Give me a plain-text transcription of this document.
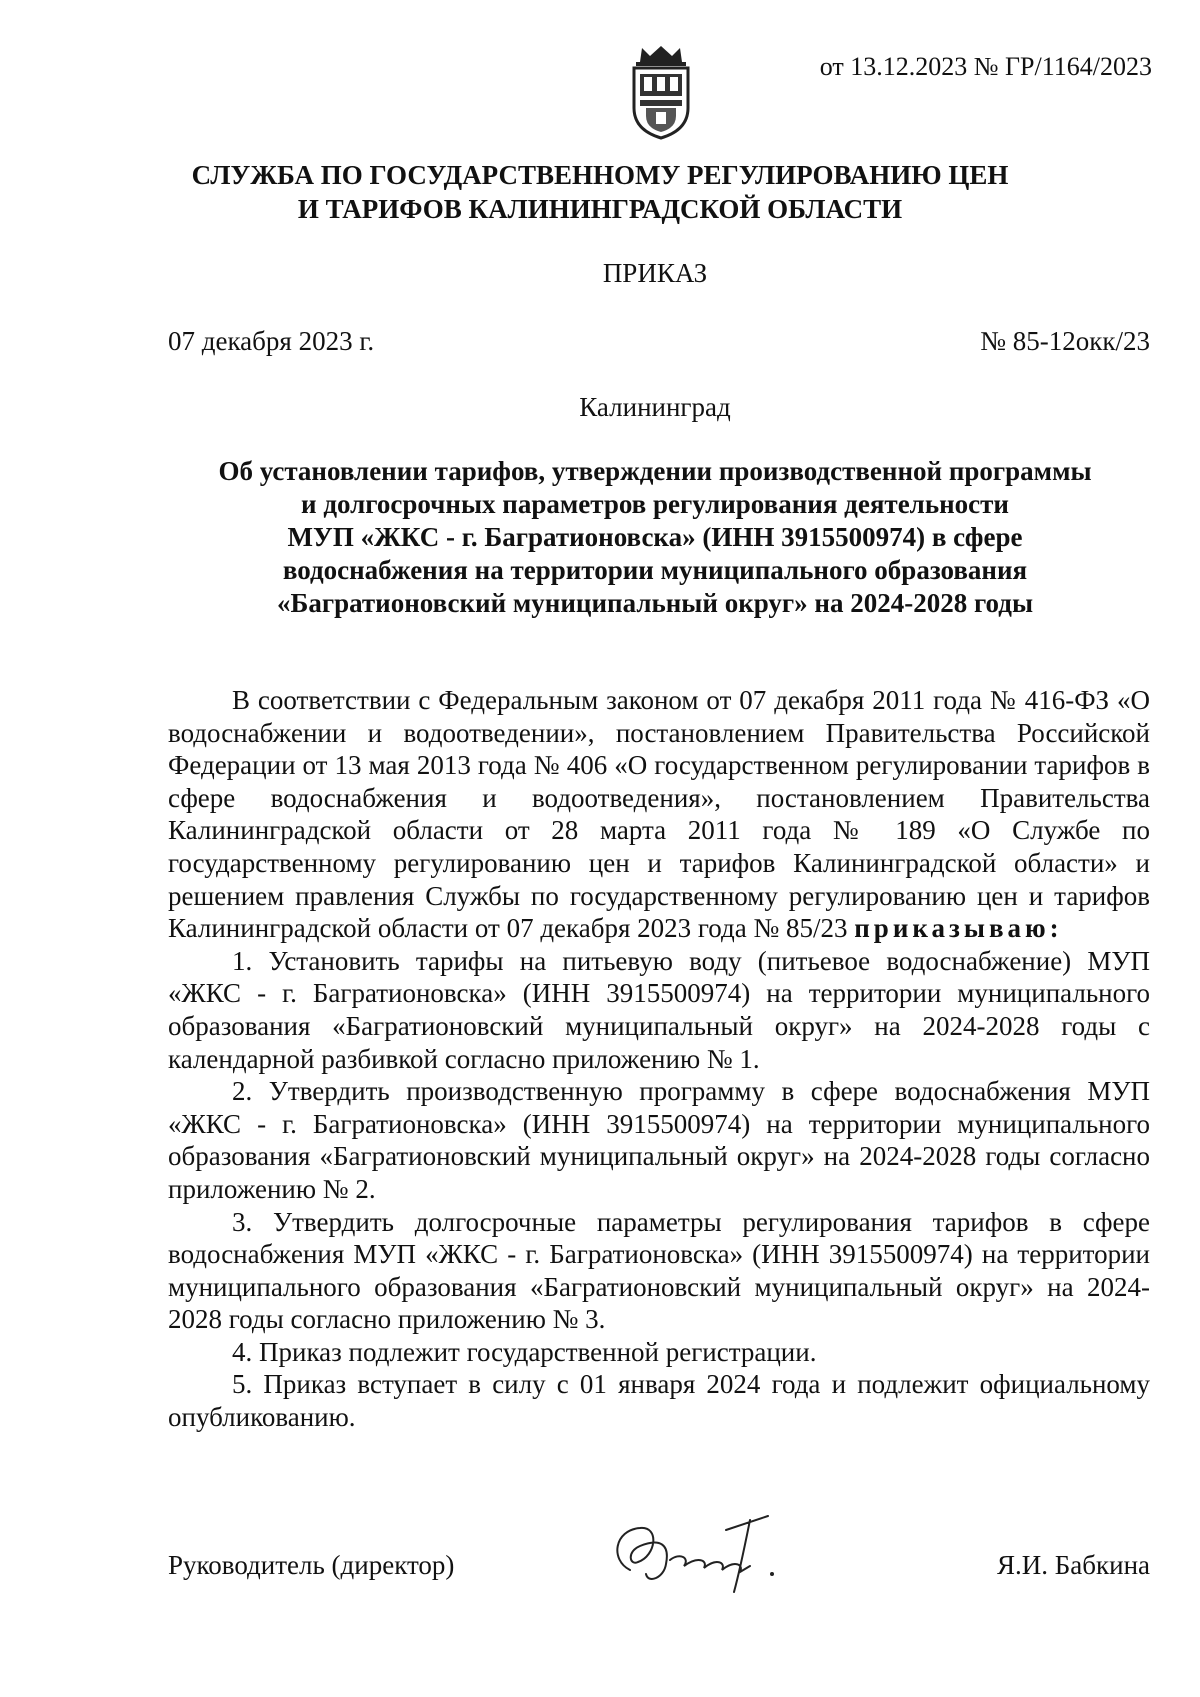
от 13.12.2023 № ГР/1164/2023
СЛУЖБА ПО ГОСУДАРСТВЕННОМУ РЕГУЛИРОВАНИЮ ЦЕН
И ТАРИФОВ КАЛИНИНГРАДСКОЙ ОБЛАСТИ
ПРИКАЗ
07 декабря 2023 г.	№ 85-12окк/23
Калининград
Об установлении тарифов, утверждении производственной программы
и долгосрочных параметров регулирования деятельности
МУП «ЖКС - г. Багратионовска» (ИНН 3915500974) в сфере
водоснабжения на территории муниципального образования
«Багратионовский муниципальный округ» на 2024-2028 годы

В соответствии с Федеральным законом от 07 декабря 2011 года № 416-ФЗ «О водоснабжении и водоотведении», постановлением Правительства Российской Федерации от 13 мая 2013 года № 406 «О государственном регулировании тарифов в сфере водоснабжения и водоотведения», постановлением Правительства Калининградской области от 28 марта 2011 года № 189 «О Службе по государственному регулированию цен и тарифов Калининградской области» и решением правления Службы по государственному регулированию цен и тарифов Калининградской области от 07 декабря 2023 года № 85/23 приказываю:

1. Установить тарифы на питьевую воду (питьевое водоснабжение) МУП «ЖКС - г. Багратионовска» (ИНН 3915500974) на территории муниципального образования «Багратионовский муниципальный округ» на 2024-2028 годы с календарной разбивкой согласно приложению № 1.

2. Утвердить производственную программу в сфере водоснабжения МУП «ЖКС - г. Багратионовска» (ИНН 3915500974) на территории муниципального образования «Багратионовский муниципальный округ» на 2024-2028 годы согласно приложению № 2.

3. Утвердить долгосрочные параметры регулирования тарифов в сфере водоснабжения МУП «ЖКС - г. Багратионовска» (ИНН 3915500974) на территории муниципального образования «Багратионовский муниципальный округ» на 2024-2028 годы согласно приложению № 3.

4. Приказ подлежит государственной регистрации.

5. Приказ вступает в силу с 01 января 2024 года и подлежит официальному опубликованию.

Руководитель (директор)	Я.И. Бабкина
